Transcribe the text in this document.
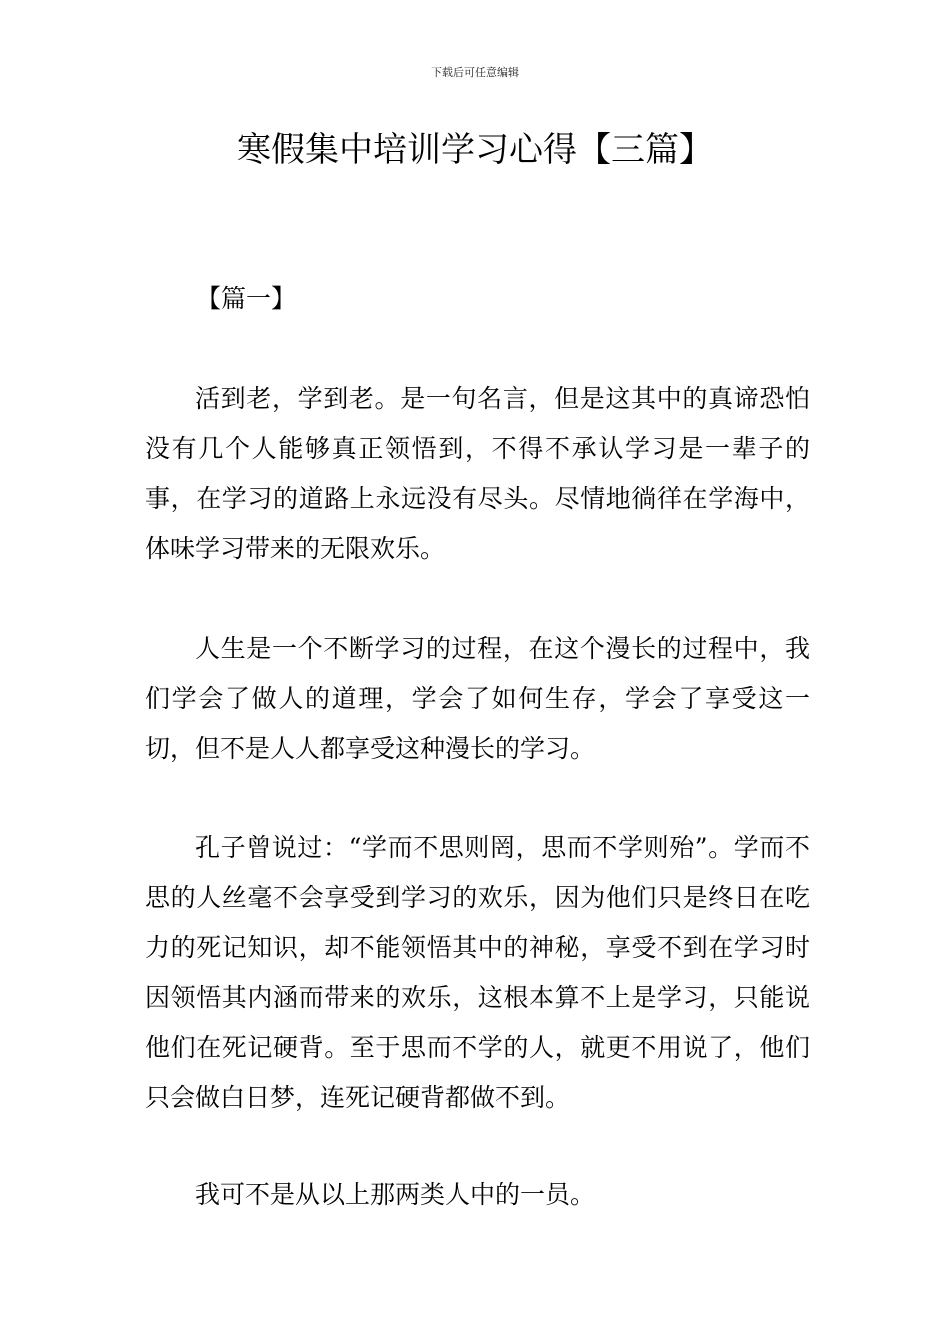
下载后可任意编辑
寒假集中培训学习心得【三篇】
【篇一】

活到老，学到老。是一句名言，但是这其中的真谛恐怕没有几个人能够真正领悟到，不得不承认学习是一辈子的事，在学习的道路上永远没有尽头。尽情地徜徉在学海中，体味学习带来的无限欢乐。

人生是一个不断学习的过程，在这个漫长的过程中，我们学会了做人的道理，学会了如何生存，学会了享受这一切，但不是人人都享受这种漫长的学习。

孔子曾说过：“学而不思则罔，思而不学则殆”。学而不思的人丝毫不会享受到学习的欢乐，因为他们只是终日在吃力的死记知识，却不能领悟其中的神秘，享受不到在学习时因领悟其内涵而带来的欢乐，这根本算不上是学习，只能说他们在死记硬背。至于思而不学的人，就更不用说了，他们只会做白日梦，连死记硬背都做不到。

我可不是从以上那两类人中的一员。
